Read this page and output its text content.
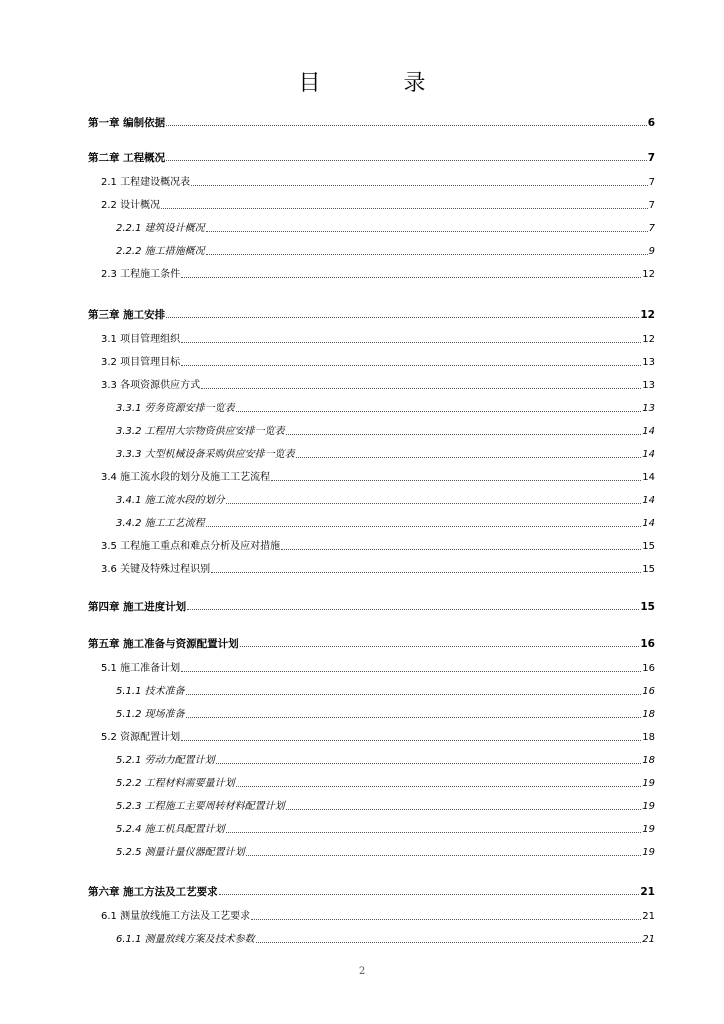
目 录
第一章 编制依据	6
第二章 工程概况	7
2.1 工程建设概况表	7
2.2 设计概况	7
2.2.1 建筑设计概况	7
2.2.2 施工措施概况	9
2.3 工程施工条件	12
第三章 施工安排	12
3.1 项目管理组织	12
3.2 项目管理目标	13
3.3 各项资源供应方式	13
3.3.1 劳务资源安排一览表	13
3.3.2 工程用大宗物资供应安排一览表	14
3.3.3 大型机械设备采购供应安排一览表	14
3.4 施工流水段的划分及施工工艺流程	14
3.4.1 施工流水段的划分	14
3.4.2 施工工艺流程	14
3.5 工程施工重点和难点分析及应对措施	15
3.6 关键及特殊过程识别	15
第四章 施工进度计划	15
第五章 施工准备与资源配置计划	16
5.1 施工准备计划	16
5.1.1 技术准备	16
5.1.2 现场准备	18
5.2 资源配置计划	18
5.2.1 劳动力配置计划	18
5.2.2 工程材料需要量计划	19
5.2.3 工程施工主要周转材料配置计划	19
5.2.4 施工机具配置计划	19
5.2.5 测量计量仪器配置计划	19
第六章 施工方法及工艺要求	21
6.1 测量放线施工方法及工艺要求	21
6.1.1 测量放线方案及技术参数	21
2
